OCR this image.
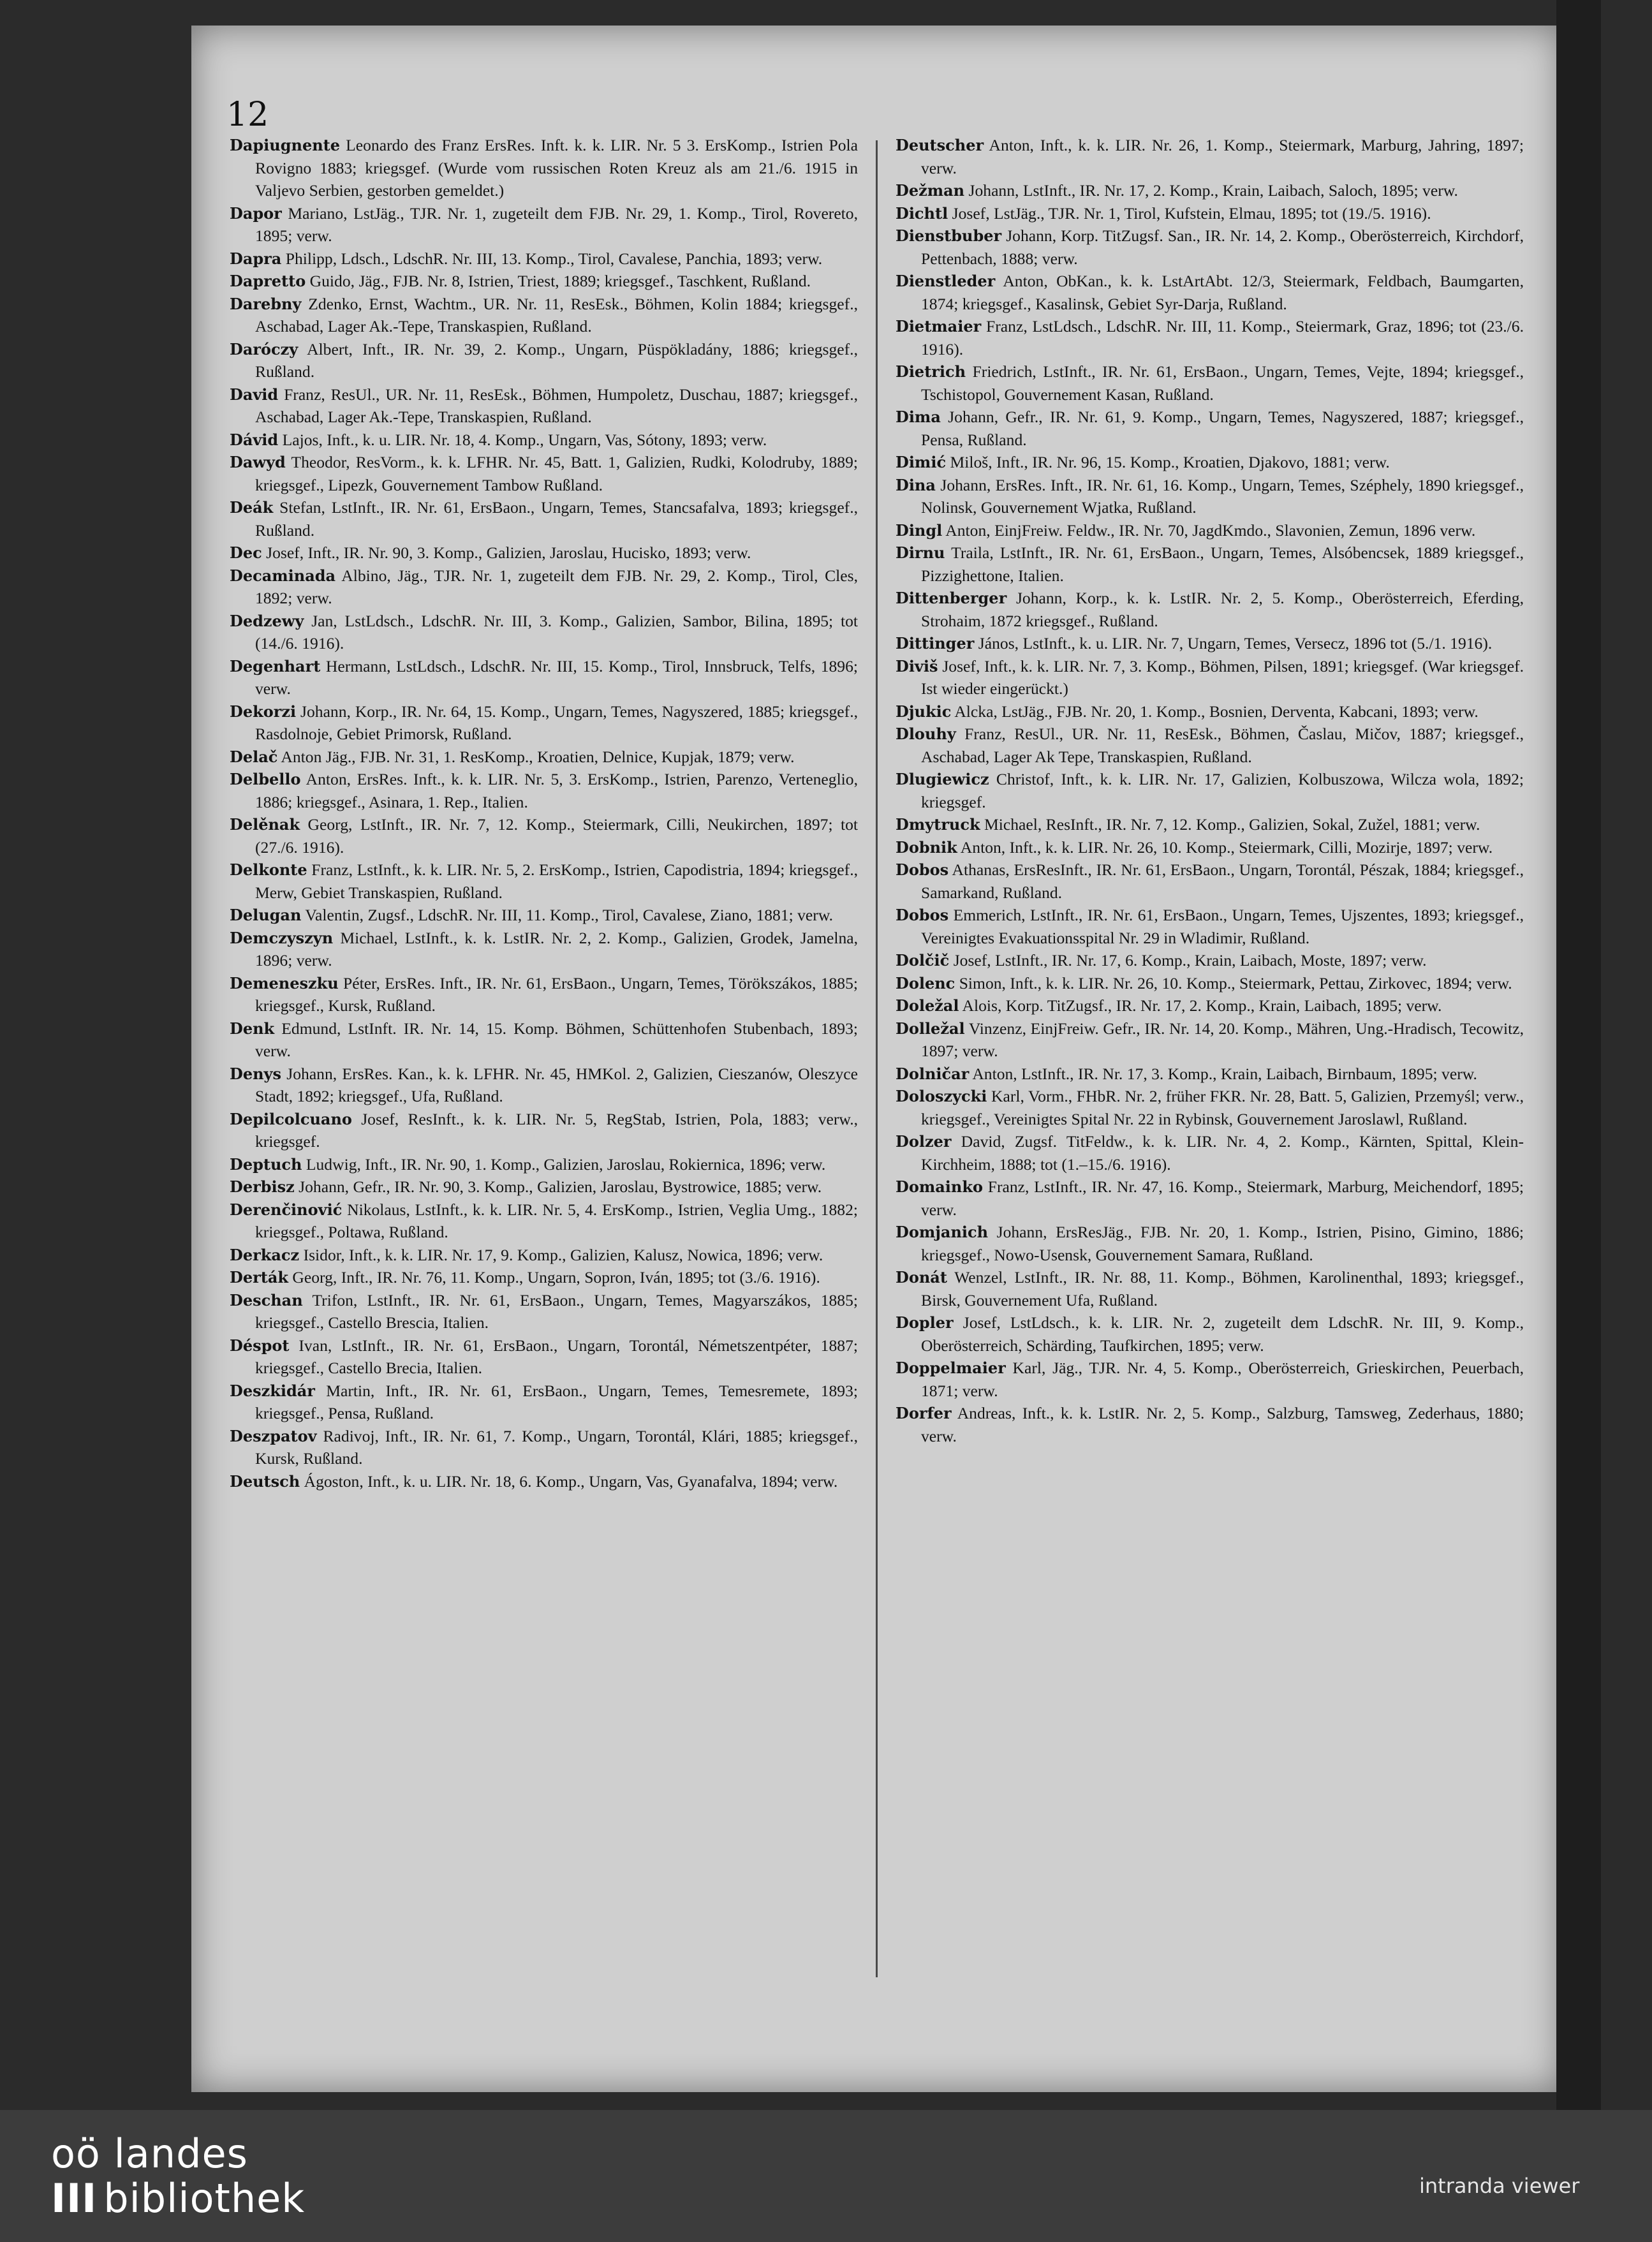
12
Dapiugnente Leonardo des Franz ErsRes. Inft. k. k. LIR. Nr. 5 3. ErsKomp., Istrien Pola Rovigno 1883; kriegsgef. (Wurde vom russischen Roten Kreuz als am 21./6. 1915 in Valjevo Serbien, gestorben gemeldet.)
Dapor Mariano, LstJäg., TJR. Nr. 1, zugeteilt dem FJB. Nr. 29, 1. Komp., Tirol, Rovereto, 1895; verw.
Dapra Philipp, Ldsch., LdschR. Nr. III, 13. Komp., Tirol, Cavalese, Panchia, 1893; verw.
Dapretto Guido, Jäg., FJB. Nr. 8, Istrien, Triest, 1889; kriegsgef., Taschkent, Rußland.
Darebny Zdenko, Ernst, Wachtm., UR. Nr. 11, ResEsk., Böhmen, Kolin 1884; kriegsgef., Aschabad, Lager Ak.-Tepe, Transkaspien, Rußland.
Daróczy Albert, Inft., IR. Nr. 39, 2. Komp., Ungarn, Püspökladány, 1886; kriegsgef., Rußland.
David Franz, ResUl., UR. Nr. 11, ResEsk., Böhmen, Humpoletz, Duschau, 1887; kriegsgef., Aschabad, Lager Ak.-Tepe, Transkaspien, Rußland.
Dávid Lajos, Inft., k. u. LIR. Nr. 18, 4. Komp., Ungarn, Vas, Sótony, 1893; verw.
Dawyd Theodor, ResVorm., k. k. LFHR. Nr. 45, Batt. 1, Galizien, Rudki, Kolodruby, 1889; kriegsgef., Lipezk, Gouvernement Tambow Rußland.
Deák Stefan, LstInft., IR. Nr. 61, ErsBaon., Ungarn, Temes, Stancsafalva, 1893; kriegsgef., Rußland.
Dec Josef, Inft., IR. Nr. 90, 3. Komp., Galizien, Jaroslau, Hucisko, 1893; verw.
Decaminada Albino, Jäg., TJR. Nr. 1, zugeteilt dem FJB. Nr. 29, 2. Komp., Tirol, Cles, 1892; verw.
Dedzewy Jan, LstLdsch., LdschR. Nr. III, 3. Komp., Galizien, Sambor, Bilina, 1895; tot (14./6. 1916).
Degenhart Hermann, LstLdsch., LdschR. Nr. III, 15. Komp., Tirol, Innsbruck, Telfs, 1896; verw.
Dekorzi Johann, Korp., IR. Nr. 64, 15. Komp., Ungarn, Temes, Nagyszered, 1885; kriegsgef., Rasdolnoje, Gebiet Primorsk, Rußland.
Delač Anton Jäg., FJB. Nr. 31, 1. ResKomp., Kroatien, Delnice, Kupjak, 1879; verw.
Delbello Anton, ErsRes. Inft., k. k. LIR. Nr. 5, 3. ErsKomp., Istrien, Parenzo, Verteneglio, 1886; kriegsgef., Asinara, 1. Rep., Italien.
Delěnak Georg, LstInft., IR. Nr. 7, 12. Komp., Steiermark, Cilli, Neukirchen, 1897; tot (27./6. 1916).
Delkonte Franz, LstInft., k. k. LIR. Nr. 5, 2. ErsKomp., Istrien, Capodistria, 1894; kriegsgef., Merw, Gebiet Transkaspien, Rußland.
Delugan Valentin, Zugsf., LdschR. Nr. III, 11. Komp., Tirol, Cavalese, Ziano, 1881; verw.
Demczyszyn Michael, LstInft., k. k. LstIR. Nr. 2, 2. Komp., Galizien, Grodek, Jamelna, 1896; verw.
Demeneszku Péter, ErsRes. Inft., IR. Nr. 61, ErsBaon., Ungarn, Temes, Törökszákos, 1885; kriegsgef., Kursk, Rußland.
Denk Edmund, LstInft. IR. Nr. 14, 15. Komp. Böhmen, Schüttenhofen Stubenbach, 1893; verw.
Denys Johann, ErsRes. Kan., k. k. LFHR. Nr. 45, HMKol. 2, Galizien, Cieszanów, Oleszyce Stadt, 1892; kriegsgef., Ufa, Rußland.
Depilcolcuano Josef, ResInft., k. k. LIR. Nr. 5, RegStab, Istrien, Pola, 1883; verw., kriegsgef.
Deptuch Ludwig, Inft., IR. Nr. 90, 1. Komp., Galizien, Jaroslau, Rokiernica, 1896; verw.
Derbisz Johann, Gefr., IR. Nr. 90, 3. Komp., Galizien, Jaroslau, Bystrowice, 1885; verw.
Derenčinović Nikolaus, LstInft., k. k. LIR. Nr. 5, 4. ErsKomp., Istrien, Veglia Umg., 1882; kriegsgef., Poltawa, Rußland.
Derkacz Isidor, Inft., k. k. LIR. Nr. 17, 9. Komp., Galizien, Kalusz, Nowica, 1896; verw.
Derták Georg, Inft., IR. Nr. 76, 11. Komp., Ungarn, Sopron, Iván, 1895; tot (3./6. 1916).
Deschan Trifon, LstInft., IR. Nr. 61, ErsBaon., Ungarn, Temes, Magyarszákos, 1885; kriegsgef., Castello Brescia, Italien.
Déspot Ivan, LstInft., IR. Nr. 61, ErsBaon., Ungarn, Torontál, Németszentpéter, 1887; kriegsgef., Castello Brecia, Italien.
Deszkidár Martin, Inft., IR. Nr. 61, ErsBaon., Ungarn, Temes, Temesremete, 1893; kriegsgef., Pensa, Rußland.
Deszpatov Radivoj, Inft., IR. Nr. 61, 7. Komp., Ungarn, Torontál, Klári, 1885; kriegsgef., Kursk, Rußland.
Deutsch Ágoston, Inft., k. u. LIR. Nr. 18, 6. Komp., Ungarn, Vas, Gyanafalva, 1894; verw.
Deutscher Anton, Inft., k. k. LIR. Nr. 26, 1. Komp., Steiermark, Marburg, Jahring, 1897; verw.
Dežman Johann, LstInft., IR. Nr. 17, 2. Komp., Krain, Laibach, Saloch, 1895; verw.
Dichtl Josef, LstJäg., TJR. Nr. 1, Tirol, Kufstein, Elmau, 1895; tot (19./5. 1916).
Dienstbuber Johann, Korp. TitZugsf. San., IR. Nr. 14, 2. Komp., Oberösterreich, Kirchdorf, Pettenbach, 1888; verw.
Dienstleder Anton, ObKan., k. k. LstArtAbt. 12/3, Steiermark, Feldbach, Baumgarten, 1874; kriegsgef., Kasalinsk, Gebiet Syr-Darja, Rußland.
Dietmaier Franz, LstLdsch., LdschR. Nr. III, 11. Komp., Steiermark, Graz, 1896; tot (23./6. 1916).
Dietrich Friedrich, LstInft., IR. Nr. 61, ErsBaon., Ungarn, Temes, Vejte, 1894; kriegsgef., Tschistopol, Gouvernement Kasan, Rußland.
Dima Johann, Gefr., IR. Nr. 61, 9. Komp., Ungarn, Temes, Nagyszered, 1887; kriegsgef., Pensa, Rußland.
Dimić Miloš, Inft., IR. Nr. 96, 15. Komp., Kroatien, Djakovo, 1881; verw.
Dina Johann, ErsRes. Inft., IR. Nr. 61, 16. Komp., Ungarn, Temes, Széphely, 1890 kriegsgef., Nolinsk, Gouvernement Wjatka, Rußland.
Dingl Anton, EinjFreiw. Feldw., IR. Nr. 70, JagdKmdo., Slavonien, Zemun, 1896 verw.
Dirnu Traila, LstInft., IR. Nr. 61, ErsBaon., Ungarn, Temes, Alsóbencsek, 1889 kriegsgef., Pizzighettone, Italien.
Dittenberger Johann, Korp., k. k. LstIR. Nr. 2, 5. Komp., Oberösterreich, Eferding, Strohaim, 1872 kriegsgef., Rußland.
Dittinger János, LstInft., k. u. LIR. Nr. 7, Ungarn, Temes, Versecz, 1896 tot (5./1. 1916).
Diviš Josef, Inft., k. k. LIR. Nr. 7, 3. Komp., Böhmen, Pilsen, 1891; kriegsgef. (War kriegsgef. Ist wieder eingerückt.)
Djukic Alcka, LstJäg., FJB. Nr. 20, 1. Komp., Bosnien, Derventa, Kabcani, 1893; verw.
Dlouhy Franz, ResUl., UR. Nr. 11, ResEsk., Böhmen, Časlau, Mičov, 1887; kriegsgef., Aschabad, Lager Ak Tepe, Transkaspien, Rußland.
Dlugiewicz Christof, Inft., k. k. LIR. Nr. 17, Galizien, Kolbuszowa, Wilcza wola, 1892; kriegsgef.
Dmytruck Michael, ResInft., IR. Nr. 7, 12. Komp., Galizien, Sokal, Zužel, 1881; verw.
Dobnik Anton, Inft., k. k. LIR. Nr. 26, 10. Komp., Steiermark, Cilli, Mozirje, 1897; verw.
Dobos Athanas, ErsResInft., IR. Nr. 61, ErsBaon., Ungarn, Torontál, Pészak, 1884; kriegsgef., Samarkand, Rußland.
Dobos Emmerich, LstInft., IR. Nr. 61, ErsBaon., Ungarn, Temes, Ujszentes, 1893; kriegsgef., Vereinigtes Evakuationsspital Nr. 29 in Wladimir, Rußland.
Dolčič Josef, LstInft., IR. Nr. 17, 6. Komp., Krain, Laibach, Moste, 1897; verw.
Dolenc Simon, Inft., k. k. LIR. Nr. 26, 10. Komp., Steiermark, Pettau, Zirkovec, 1894; verw.
Doležal Alois, Korp. TitZugsf., IR. Nr. 17, 2. Komp., Krain, Laibach, 1895; verw.
Dolležal Vinzenz, EinjFreiw. Gefr., IR. Nr. 14, 20. Komp., Mähren, Ung.-Hradisch, Tecowitz, 1897; verw.
Dolničar Anton, LstInft., IR. Nr. 17, 3. Komp., Krain, Laibach, Birnbaum, 1895; verw.
Doloszycki Karl, Vorm., FHbR. Nr. 2, früher FKR. Nr. 28, Batt. 5, Galizien, Przemyśl; verw., kriegsgef., Vereinigtes Spital Nr. 22 in Rybinsk, Gouvernement Jaroslawl, Rußland.
Dolzer David, Zugsf. TitFeldw., k. k. LIR. Nr. 4, 2. Komp., Kärnten, Spittal, Klein-Kirchheim, 1888; tot (1.–15./6. 1916).
Domainko Franz, LstInft., IR. Nr. 47, 16. Komp., Steiermark, Marburg, Meichendorf, 1895; verw.
Domjanich Johann, ErsResJäg., FJB. Nr. 20, 1. Komp., Istrien, Pisino, Gimino, 1886; kriegsgef., Nowo-Usensk, Gouvernement Samara, Rußland.
Donát Wenzel, LstInft., IR. Nr. 88, 11. Komp., Böhmen, Karolinenthal, 1893; kriegsgef., Birsk, Gouvernement Ufa, Rußland.
Dopler Josef, LstLdsch., k. k. LIR. Nr. 2, zugeteilt dem LdschR. Nr. III, 9. Komp., Oberösterreich, Schärding, Taufkirchen, 1895; verw.
Doppelmaier Karl, Jäg., TJR. Nr. 4, 5. Komp., Oberösterreich, Grieskirchen, Peuerbach, 1871; verw.
Dorfer Andreas, Inft., k. k. LstIR. Nr. 2, 5. Komp., Salzburg, Tamsweg, Zederhaus, 1880; verw.
oö landes
III bibliothek	intranda viewer
